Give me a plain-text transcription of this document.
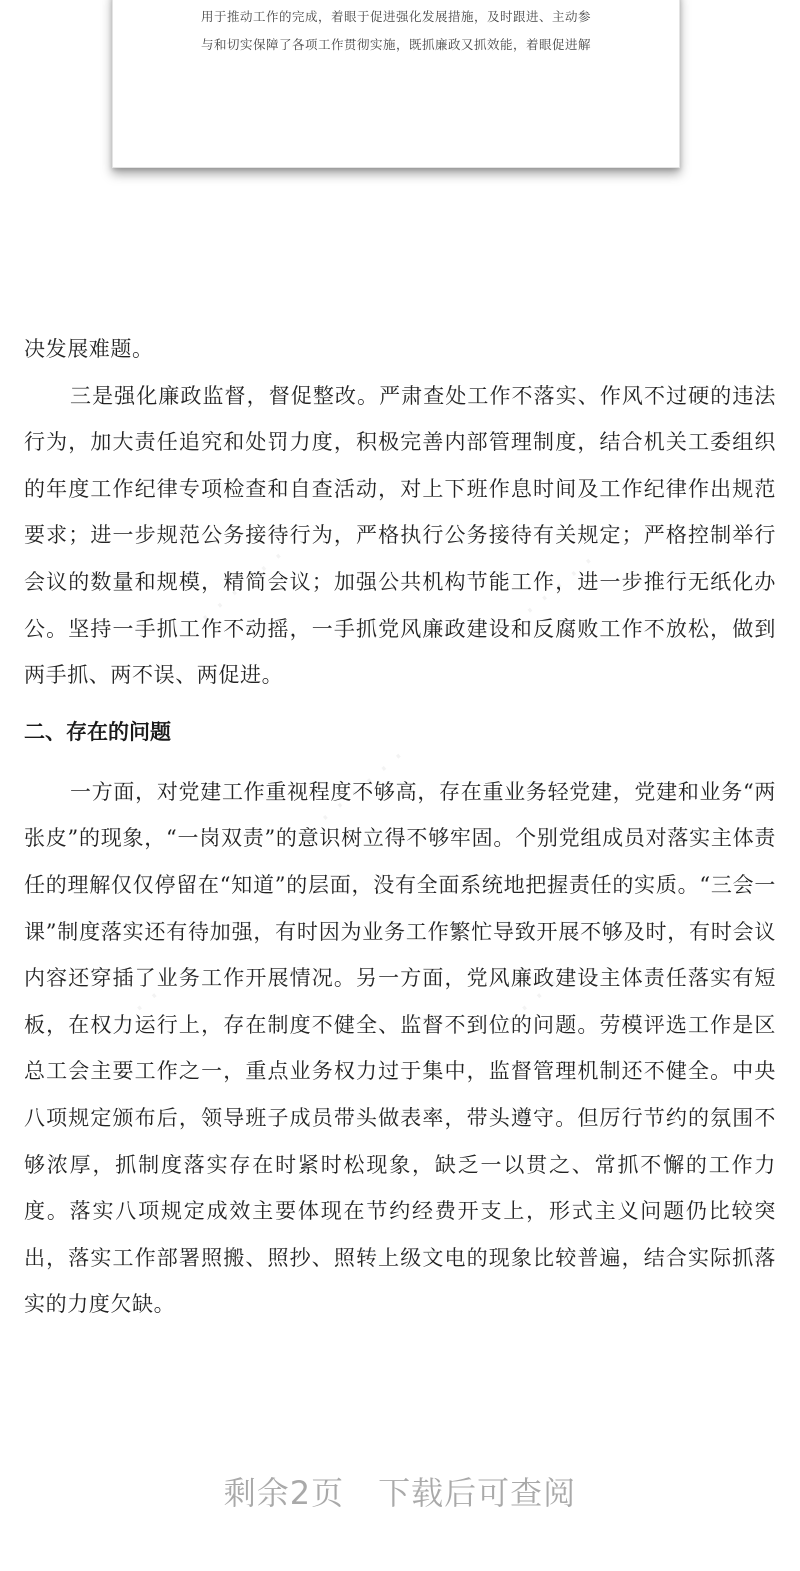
用于推动工作的完成，着眼于促进强化发展措施，及时跟进、主动参
与和切实保障了各项工作贯彻实施，既抓廉政又抓效能，着眼促进解
· · · · · ·	· · · · · ·
· · · · · ·
· · · · · ·	· · · · · ·

决发展难题。

三是强化廉政监督，督促整改。严肃查处工作不落实、作风不过硬的违法行为，加大责任追究和处罚力度，积极完善内部管理制度，结合机关工委组织的年度工作纪律专项检查和自查活动，对上下班作息时间及工作纪律作出规范要求；进一步规范公务接待行为，严格执行公务接待有关规定；严格控制举行会议的数量和规模，精简会议；加强公共机构节能工作，进一步推行无纸化办公。坚持一手抓工作不动摇，一手抓党风廉政建设和反腐败工作不放松，做到两手抓、两不误、两促进。

二、存在的问题

一方面，对党建工作重视程度不够高，存在重业务轻党建，党建和业务“两张皮”的现象，“一岗双责”的意识树立得不够牢固。个别党组成员对落实主体责任的理解仅仅停留在“知道”的层面，没有全面系统地把握责任的实质。“三会一课”制度落实还有待加强，有时因为业务工作繁忙导致开展不够及时，有时会议内容还穿插了业务工作开展情况。另一方面，党风廉政建设主体责任落实有短板，在权力运行上，存在制度不健全、监督不到位的问题。劳模评选工作是区总工会主要工作之一，重点业务权力过于集中，监督管理机制还不健全。中央八项规定颁布后，领导班子成员带头做表率，带头遵守。但厉行节约的氛围不够浓厚，抓制度落实存在时紧时松现象，缺乏一以贯之、常抓不懈的工作力度。落实八项规定成效主要体现在节约经费开支上，形式主义问题仍比较突出，落实工作部署照搬、照抄、照转上级文电的现象比较普遍，结合实际抓落实的力度欠缺。

剩余2页 下载后可查阅
